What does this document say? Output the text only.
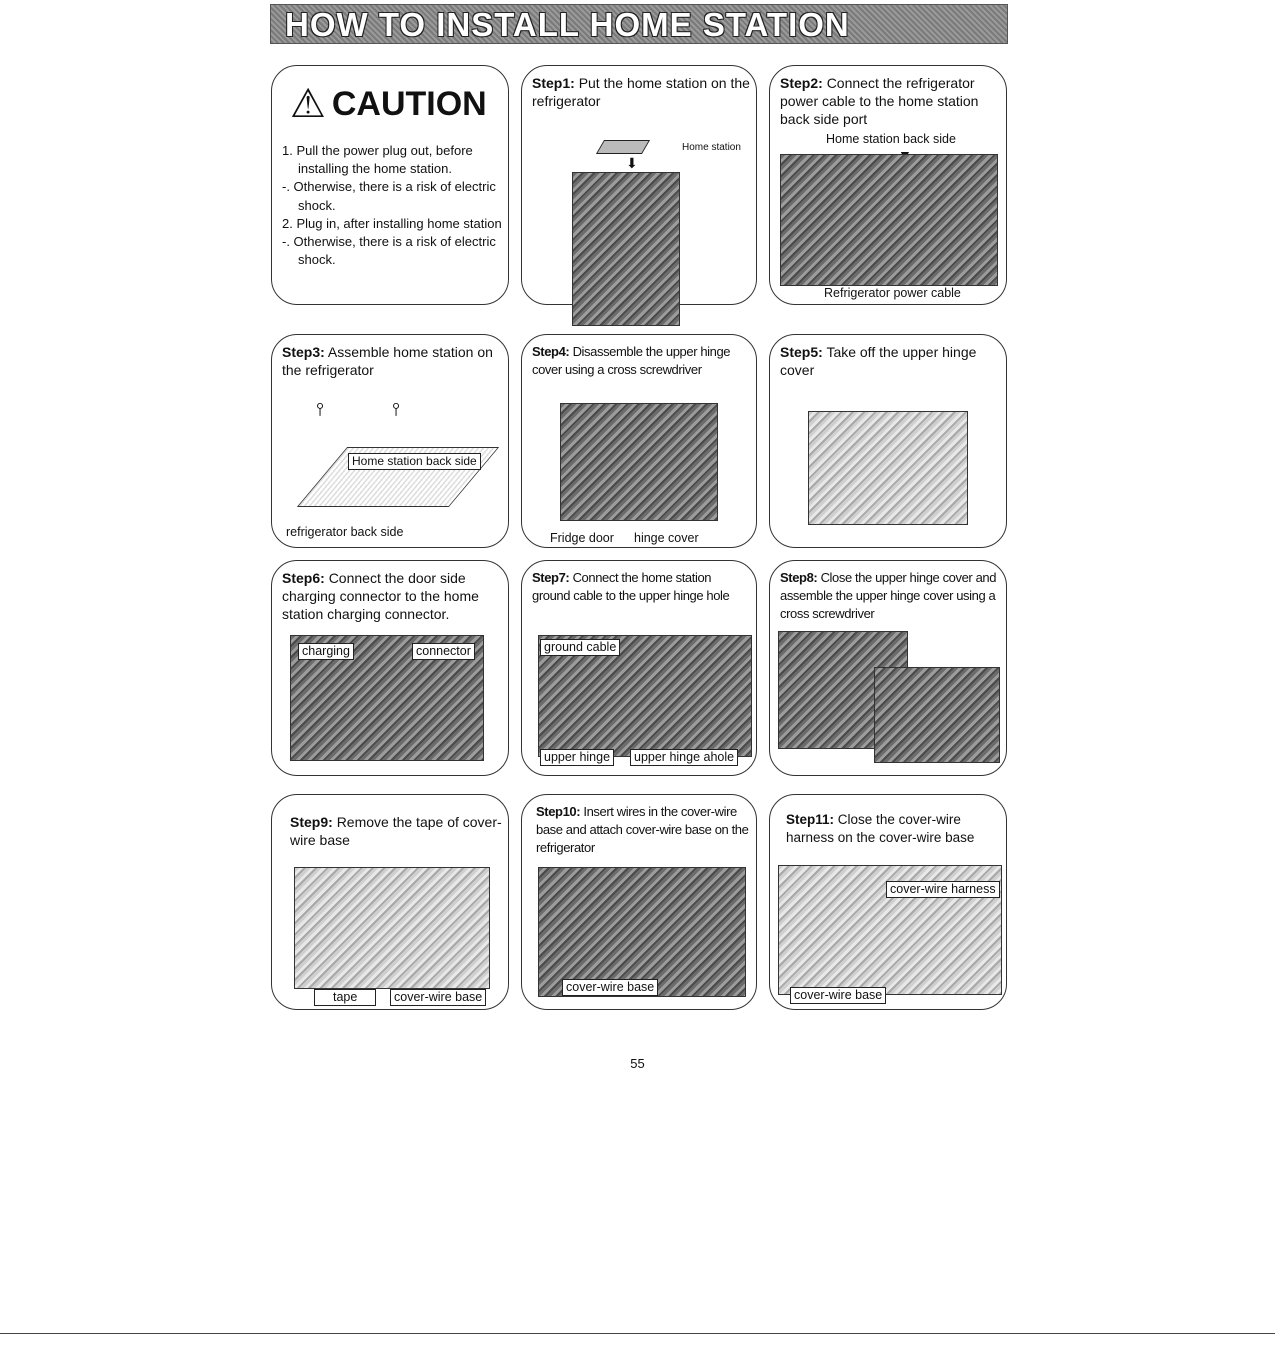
HOW TO INSTALL HOME STATION
⚠ CAUTION
1. Pull the power plug out, before installing the home station.
-. Otherwise, there is a risk of electric shock.
2. Plug in, after installing home station
-. Otherwise, there is a risk of electric shock.
Step1: Put the home station on the refrigerator
⬇
Home station
Step2: Connect the refrigerator power cable to the home station back side port
Home station back side
Refrigerator power cable
Step3: Assemble home station on the refrigerator
⫯	⫯
Home station back side
refrigerator back side
Step4: Disassemble the upper hinge cover using a cross screwdriver
Fridge door hinge cover
Step5: Take off the upper hinge cover
Step6: Connect the door side charging connector to the home station charging connector.
charging	connector
Step7: Connect the home station ground cable to the upper hinge hole
ground cable
upper hinge	upper hinge ahole
Step8: Close the upper hinge cover and assemble the upper hinge cover using a cross screwdriver
Step9: Remove the tape of cover-wire base
tape	cover-wire base
Step10: Insert wires in the cover-wire base and attach cover-wire base on the refrigerator
cover-wire base
Step11: Close the cover-wire harness on the cover-wire base
cover-wire harness
cover-wire base
55
